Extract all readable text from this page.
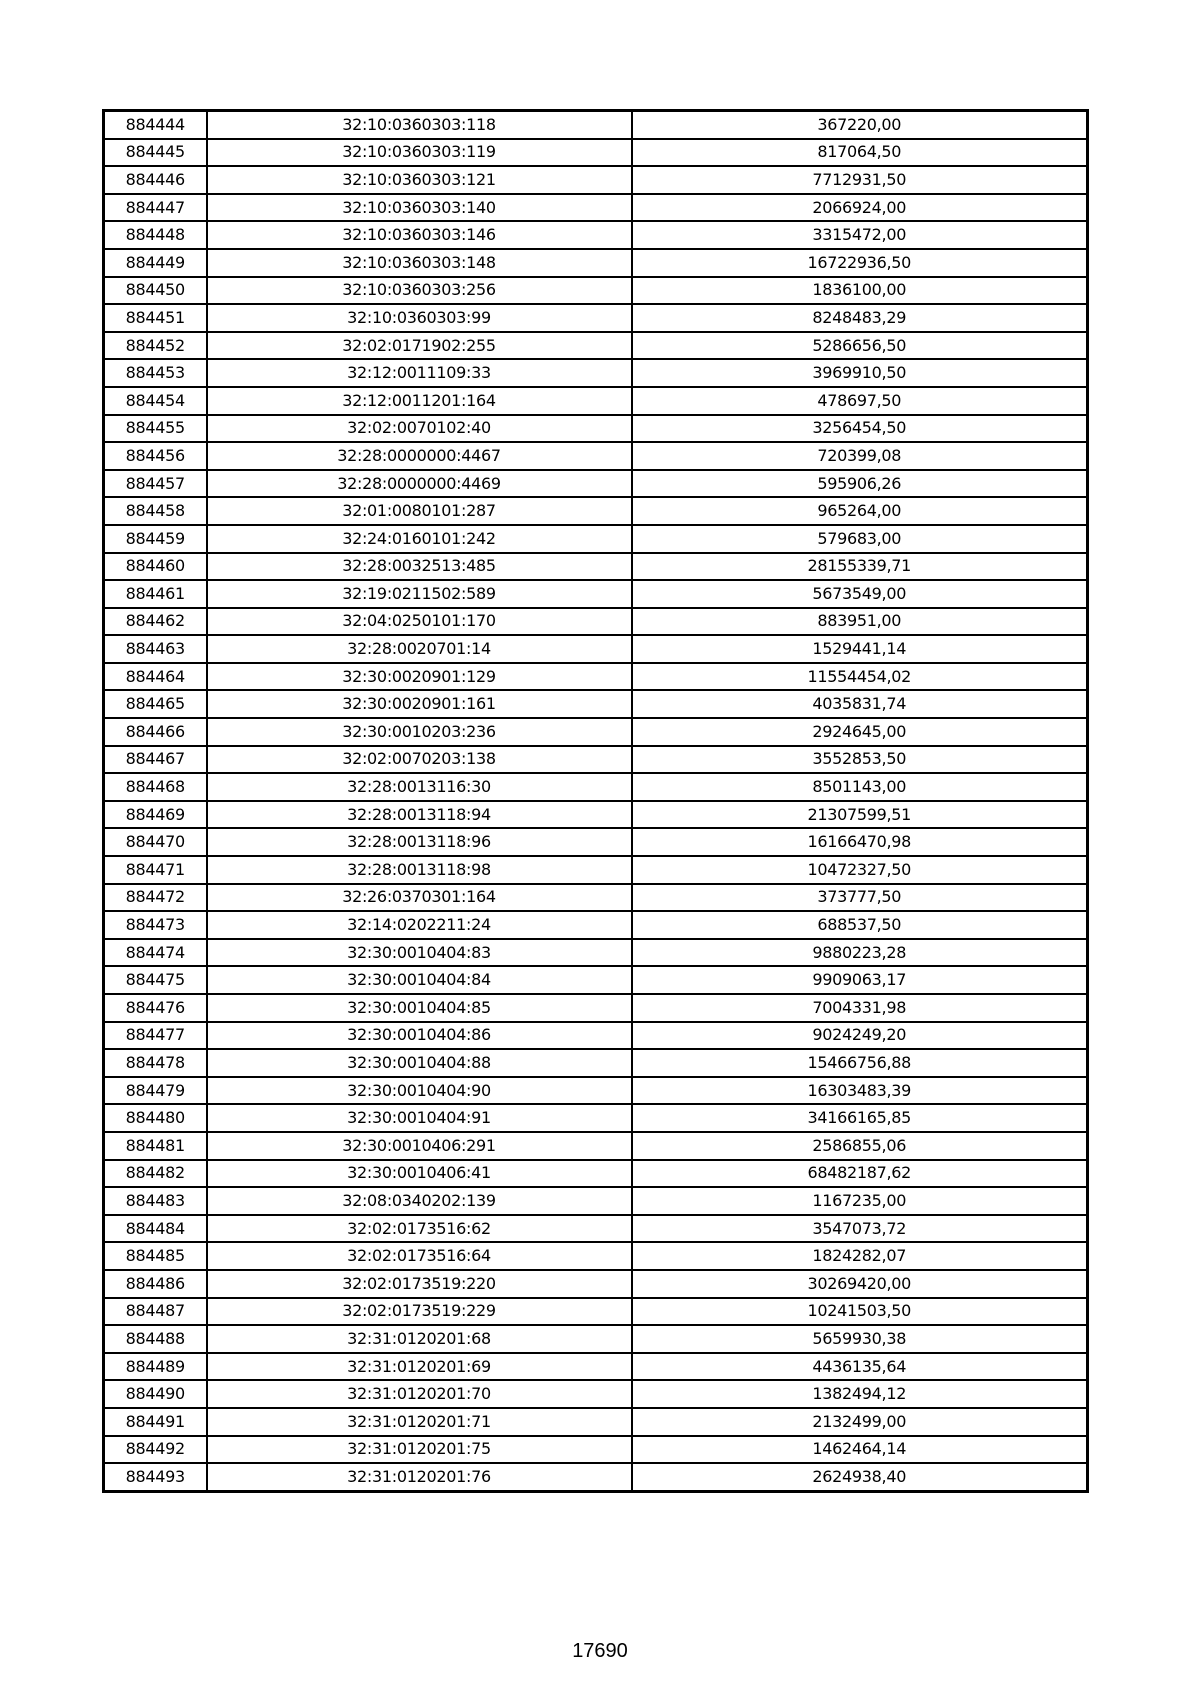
884444	32:10:0360303:118	367220,00
884445	32:10:0360303:119	817064,50
884446	32:10:0360303:121	7712931,50
884447	32:10:0360303:140	2066924,00
884448	32:10:0360303:146	3315472,00
884449	32:10:0360303:148	16722936,50
884450	32:10:0360303:256	1836100,00
884451	32:10:0360303:99	8248483,29
884452	32:02:0171902:255	5286656,50
884453	32:12:0011109:33	3969910,50
884454	32:12:0011201:164	478697,50
884455	32:02:0070102:40	3256454,50
884456	32:28:0000000:4467	720399,08
884457	32:28:0000000:4469	595906,26
884458	32:01:0080101:287	965264,00
884459	32:24:0160101:242	579683,00
884460	32:28:0032513:485	28155339,71
884461	32:19:0211502:589	5673549,00
884462	32:04:0250101:170	883951,00
884463	32:28:0020701:14	1529441,14
884464	32:30:0020901:129	11554454,02
884465	32:30:0020901:161	4035831,74
884466	32:30:0010203:236	2924645,00
884467	32:02:0070203:138	3552853,50
884468	32:28:0013116:30	8501143,00
884469	32:28:0013118:94	21307599,51
884470	32:28:0013118:96	16166470,98
884471	32:28:0013118:98	10472327,50
884472	32:26:0370301:164	373777,50
884473	32:14:0202211:24	688537,50
884474	32:30:0010404:83	9880223,28
884475	32:30:0010404:84	9909063,17
884476	32:30:0010404:85	7004331,98
884477	32:30:0010404:86	9024249,20
884478	32:30:0010404:88	15466756,88
884479	32:30:0010404:90	16303483,39
884480	32:30:0010404:91	34166165,85
884481	32:30:0010406:291	2586855,06
884482	32:30:0010406:41	68482187,62
884483	32:08:0340202:139	1167235,00
884484	32:02:0173516:62	3547073,72
884485	32:02:0173516:64	1824282,07
884486	32:02:0173519:220	30269420,00
884487	32:02:0173519:229	10241503,50
884488	32:31:0120201:68	5659930,38
884489	32:31:0120201:69	4436135,64
884490	32:31:0120201:70	1382494,12
884491	32:31:0120201:71	2132499,00
884492	32:31:0120201:75	1462464,14
884493	32:31:0120201:76	2624938,40
17690
